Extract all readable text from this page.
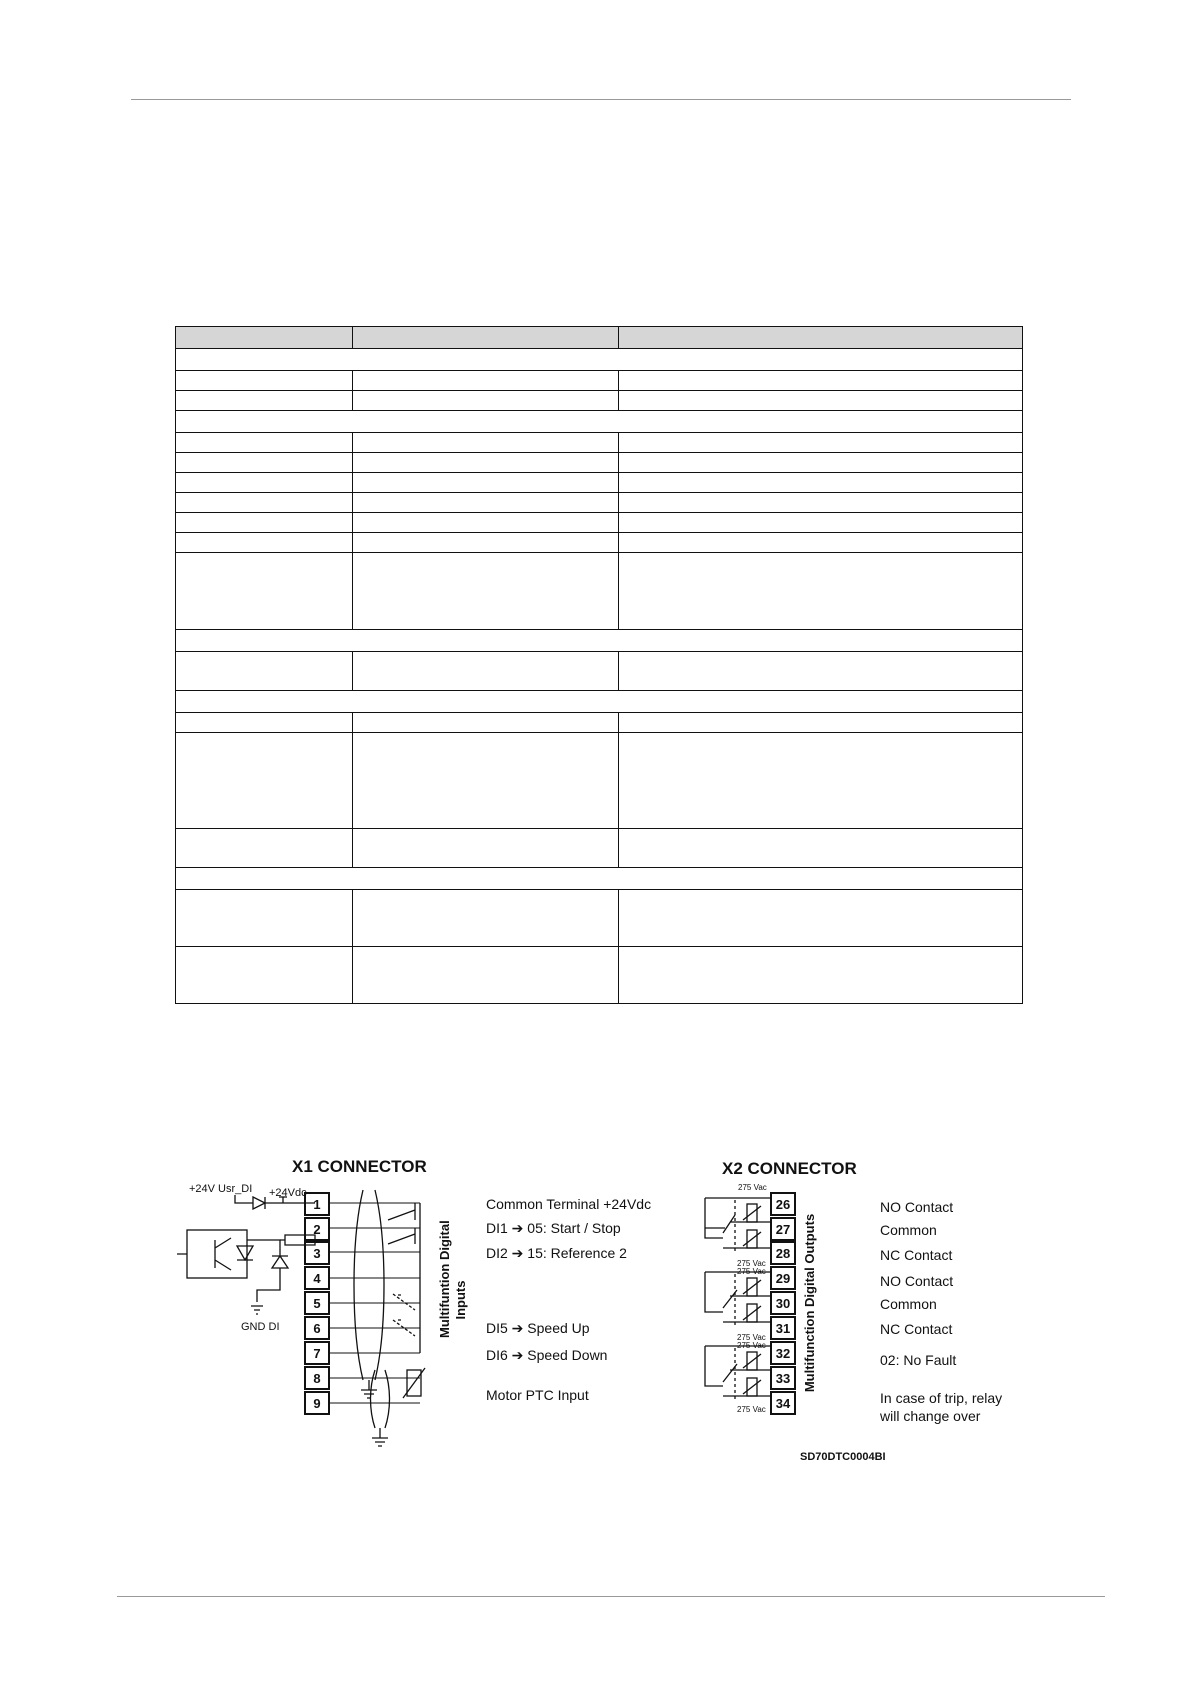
X1 CONNECTOR
+24V Usr_DI +24Vdc
GND DI
1
2
3
4
5
6
7
8
9
Multifuntion Digital Inputs
Common Terminal +24Vdc
DI1 ➔ 05: Start / Stop
DI2 ➔ 15: Reference 2
DI5 ➔ Speed Up
DI6 ➔ Speed Down
Motor PTC Input
X2 CONNECTOR
275 Vac
275 Vac
275 Vac
275 Vac
275 Vac
275 Vac
26
27
28
29
30
31
32
33
34
Multifunction Digital Outputs
NO Contact
Common
NC Contact
NO Contact
Common
NC Contact
02: No Fault
In case of trip, relay
will change over
SD70DTC0004BI
